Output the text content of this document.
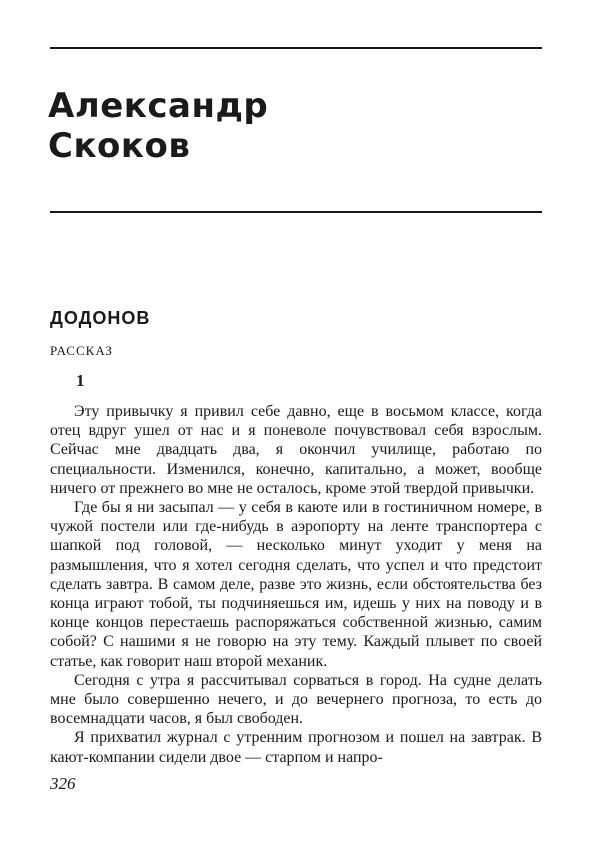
Александр
Скоков
ДОДОНОВ
РАССКАЗ
1

Эту привычку я привил себе давно, еще в восьмом классе, когда отец вдруг ушел от нас и я поневоле почувствовал себя взрослым. Сейчас мне двадцать два, я окончил училище, работаю по специальности. Изменился, конечно, капитально, а может, вообще ничего от прежнего во мне не осталось, кроме этой твердой привычки.

Где бы я ни засыпал — у себя в каюте или в гостиничном номере, в чужой постели или где-нибудь в аэропорту на ленте транспортера с шапкой под головой, — несколько минут уходит у меня на размышления, что я хотел сегодня сделать, что успел и что предстоит сделать завтра. В самом деле, разве это жизнь, если обстоятельства без конца играют тобой, ты подчиняешься им, идешь у них на поводу и в конце концов перестаешь распоряжаться собственной жизнью, самим собой? С нашими я не говорю на эту тему. Каждый плывет по своей статье, как говорит наш второй механик.

Сегодня с утра я рассчитывал сорваться в город. На судне делать мне было совершенно нечего, и до вечернего прогноза, то есть до восемнадцати часов, я был свободен.

Я прихватил журнал с утренним прогнозом и пошел на завтрак. В кают-компании сидели двое — старпом и напро-

326
